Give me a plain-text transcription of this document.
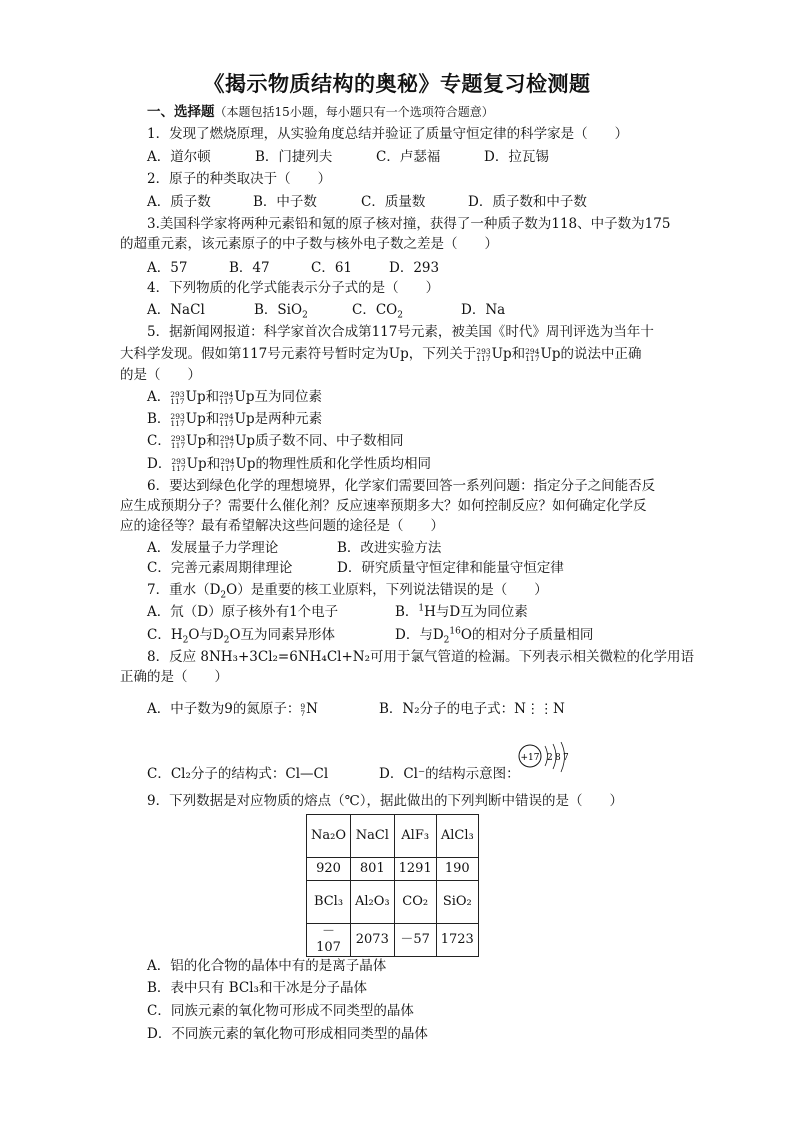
《揭示物质结构的奥秘》专题复习检测题
一、选择题（本题包括15小题，每小题只有一个选项符合题意）
1．发现了燃烧原理，从实验角度总结并验证了质量守恒定律的科学家是（　　）
A．道尔顿	B．门捷列夫	C．卢瑟福	D．拉瓦锡
2．原子的种类取决于（　　）
A．质子数	B．中子数	C．质量数	D．质子数和中子数
3.美国科学家将两种元素铅和氪的原子核对撞，获得了一种质子数为118、中子数为175
的超重元素，该元素原子的中子数与核外电子数之差是（　　）
A．57	B．47	C．61	D．293
4．下列物质的化学式能表示分子式的是（　　）
A．NaCl	B．SiO$_2$	C．$CO_2$	D．Na
5．据新闻网报道：科学家首次合成第117号元素，被美国《时代》周刊评选为当年十
大科学发现。假如第117号元素符号暂时定为Up，下列关于 293
117 Up和 294
117 Up的说法中正确
的是（　　）
A． 293
117 Up和 294
117 Up互为同位素
B． 293
117 Up和 294
117 Up是两种元素
C． 293
117 Up和 294
117 Up质子数不同、中子数相同
D． 293
117 Up和 294
117 Up的物理性质和化学性质均相同
6．要达到绿色化学的理想境界，化学家们需要回答一系列问题：指定分子之间能否反
应生成预期分子？需要什么催化剂？反应速率预期多大？如何控制反应？如何确定化学反
应的途径等？最有希望解决这些问题的途径是（　　）
A．发展量子力学理论	B．改进实验方法
C．完善元素周期律理论	D．研究质量守恒定律和能量守恒定律
7．重水$(D_2O)$是重要的核工业原料，下列说法错误的是（　　）
A．氘（D）原子核外有1个电子	B．$^1$H与D互为同位素
C．$H_2O$与$D_2O$互为同素异形体	D．与$D_2^{16}O$的相对分子质量相同
8．反应 8NH₃+3Cl₂=6NH₄Cl+N₂可用于氯气管道的检漏。下列表示相关微粒的化学用语
正确的是（　　）
A．中子数为9的氮原子： 9
7 N	B．N₂分子的电子式：N⋮⋮N
C．Cl₂分子的结构式：Cl—Cl	D．Cl⁻的结构示意图：
+17 2 8 7
9．下列数据是对应物质的熔点（℃），据此做出的下列判断中错误的是（　　）
Na₂O	NaCl	AlF₃	AlCl₃
920	801	1291	190
BCl₃	Al₂O₃	CO₂	SiO₂
－107	2073	－57	1723
A．铝的化合物的晶体中有的是离子晶体
B．表中只有 BCl₃和干冰是分子晶体
C．同族元素的氧化物可形成不同类型的晶体
D．不同族元素的氧化物可形成相同类型的晶体
